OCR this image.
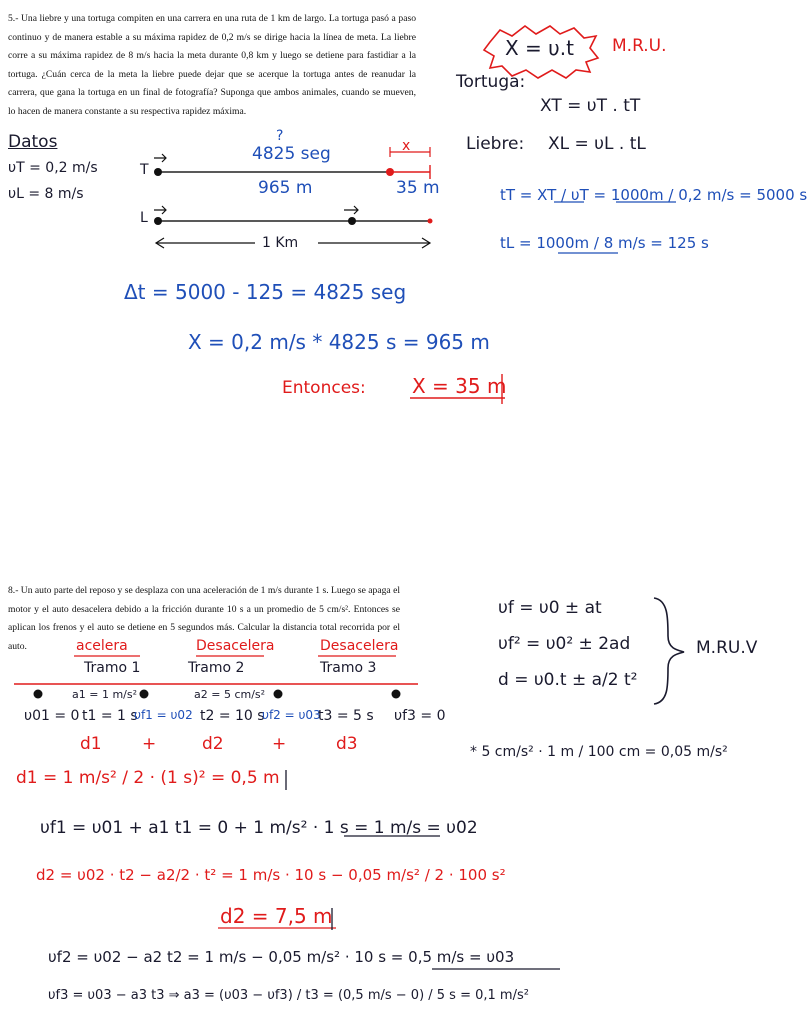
5.- Una liebre y una tortuga compiten en una carrera en una ruta de 1 km de largo. La tortuga pasó a paso continuo y de manera estable a su máxima rapidez de 0,2 m/s se dirige hacia la línea de meta. La liebre corre a su máxima rapidez de 8 m/s hacia la meta durante 0,8 km y luego se detiene para fastidiar a la tortuga. ¿Cuán cerca de la meta la liebre puede dejar que se acerque la tortuga antes de reanudar la carrera, que gana la tortuga en un final de fotografía? Suponga que ambos animales, cuando se mueven, lo hacen de manera constante a su respectiva rapidez máxima.

8.- Un auto parte del reposo y se desplaza con una aceleración de 1 m/s durante 1 s. Luego se apaga el motor y el auto desacelera debido a la fricción durante 10 s a un promedio de 5 cm/s². Entonces se aplican los frenos y el auto se detiene en 5 segundos más. Calcular la distancia total recorrida por el auto.

Datos
υT = 0,2 m/s
υL = 8 m/s
T
L
?
4825 seg	x
965 m	35 m
1 Km
X = υ.t M.R.U.
Tortuga:
XT = υT . tT
Liebre: XL = υL . tL
tT = XT / υT = 1000m / 0,2 m/s = 5000 s
tL = 1000m / 8 m/s = 125 s
Δt = 5000 - 125 = 4825 seg
X = 0,2 m/s * 4825 s = 965 m
Entonces: X = 35 m
acelera	Desacelera	Desacelera
Tramo 1	Tramo 2	Tramo 3
a1 = 1 m/s²	a2 = 5 cm/s²
υ01 = 0 t1 = 1 s
υf1 = υ02 t2 = 10 s
υf2 = υ03
t3 = 5 s υf3 = 0
d1 +	d2	+	d3
υf = υ0 ± at
υf² = υ0² ± 2ad
d = υ0.t ± a/2 t²
M.RU.V
* 5 cm/s² · 1 m / 100 cm = 0,05 m/s²
d1 = 1 m/s² / 2 · (1 s)² = 0,5 m
υf1 = υ01 + a1 t1 = 0 + 1 m/s² · 1 s = 1 m/s = υ02
d2 = υ02 · t2 − a2/2 · t² = 1 m/s · 10 s − 0,05 m/s² / 2 · 100 s²
d2 = 7,5 m
υf2 = υ02 − a2 t2 = 1 m/s − 0,05 m/s² · 10 s = 0,5 m/s = υ03
υf3 = υ03 − a3 t3 ⇒ a3 = (υ03 − υf3) / t3 = (0,5 m/s − 0) / 5 s = 0,1 m/s²
